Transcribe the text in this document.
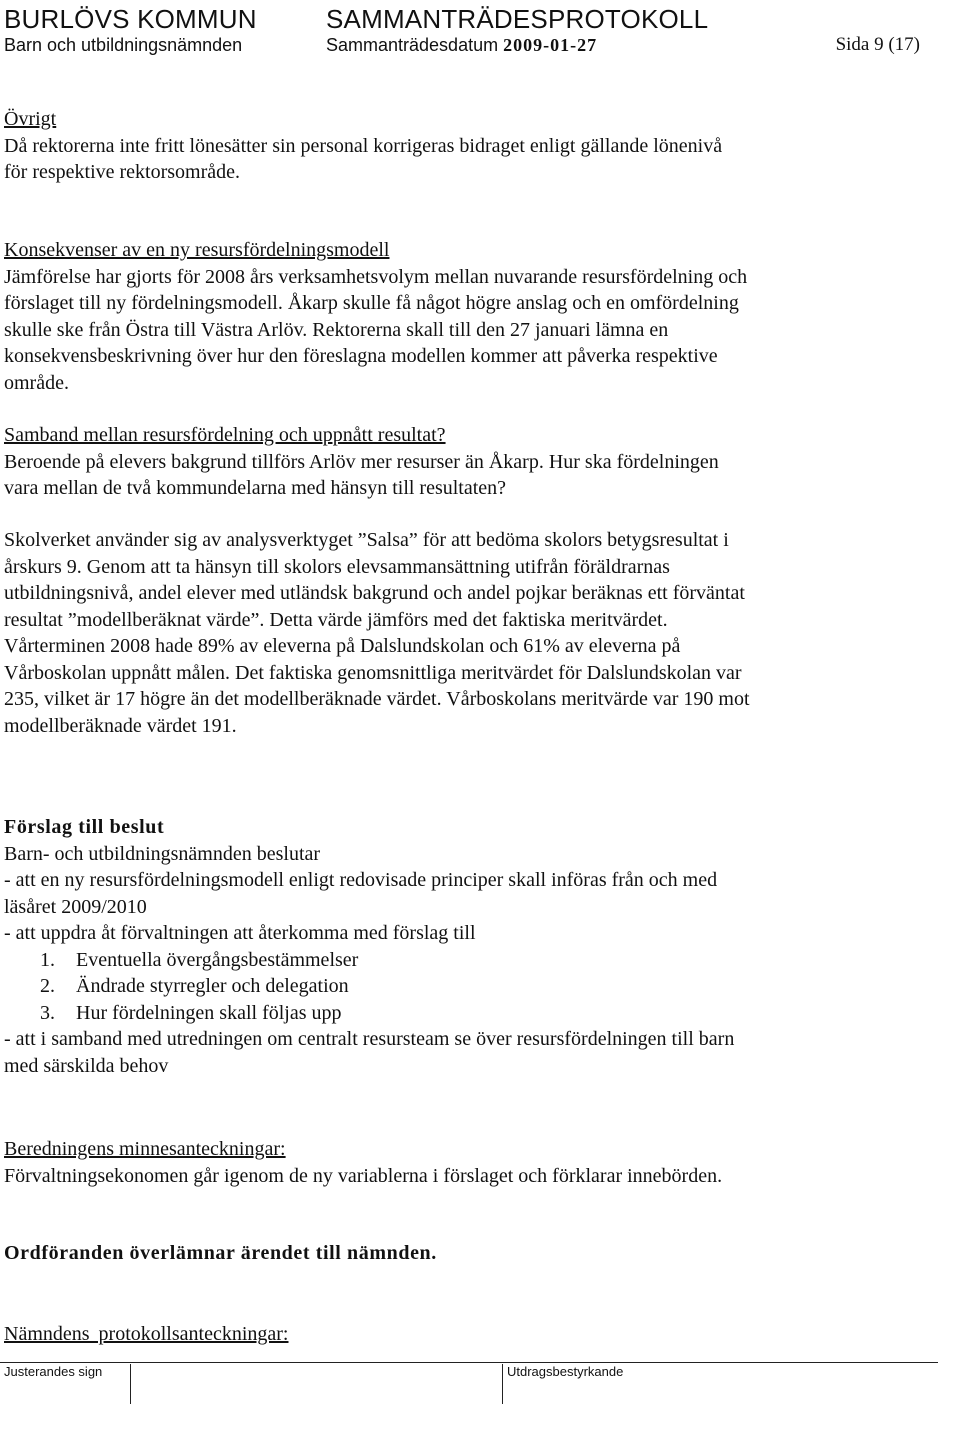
BURLÖVS KOMMUN	SAMMANTRÄDESPROTOKOLL
Barn och utbildningsnämnden	Sammanträdesdatum 2009-01-27	Sida 9 (17)
Övrigt
Då rektorerna inte fritt lönesätter sin personal korrigeras bidraget enligt gällande lönenivå
för respektive rektorsområde.
Konsekvenser av en ny resursfördelningsmodell
Jämförelse har gjorts för 2008 års verksamhetsvolym mellan nuvarande resursfördelning och
förslaget till ny fördelningsmodell. Åkarp skulle få något högre anslag och en omfördelning
skulle ske från Östra till Västra Arlöv. Rektorerna skall till den 27 januari lämna en
konsekvensbeskrivning över hur den föreslagna modellen kommer att påverka respektive
område.
Samband mellan resursfördelning och uppnått resultat?
Beroende på elevers bakgrund tillförs Arlöv mer resurser än Åkarp. Hur ska fördelningen
vara mellan de två kommundelarna med hänsyn till resultaten?
Skolverket använder sig av analysverktyget ”Salsa” för att bedöma skolors betygsresultat i
årskurs 9. Genom att ta hänsyn till skolors elevsammansättning utifrån föräldrarnas
utbildningsnivå, andel elever med utländsk bakgrund och andel pojkar beräknas ett förväntat
resultat ”modellberäknat värde”. Detta värde jämförs med det faktiska meritvärdet.
Vårterminen 2008 hade 89% av eleverna på Dalslundskolan och 61% av eleverna på
Vårboskolan uppnått målen. Det faktiska genomsnittliga meritvärdet för Dalslundskolan var
235, vilket är 17 högre än det modellberäknade värdet. Vårboskolans meritvärde var 190 mot
modellberäknade värdet 191.
Förslag till beslut
Barn- och utbildningsnämnden beslutar
- att en ny resursfördelningsmodell enligt redovisade principer skall införas från och med
läsåret 2009/2010
- att uppdra åt förvaltningen att återkomma med förslag till
1. Eventuella övergångsbestämmelser
2. Ändrade styrregler och delegation
3. Hur fördelningen skall följas upp
- att i samband med utredningen om centralt resursteam se över resursfördelningen till barn
med särskilda behov
Beredningens minnesanteckningar:
Förvaltningsekonomen går igenom de ny variablerna i förslaget och förklarar innebörden.
Ordföranden överlämnar ärendet till nämnden.
Nämndens protokollsanteckningar:
Justerandes sign	Utdragsbestyrkande
